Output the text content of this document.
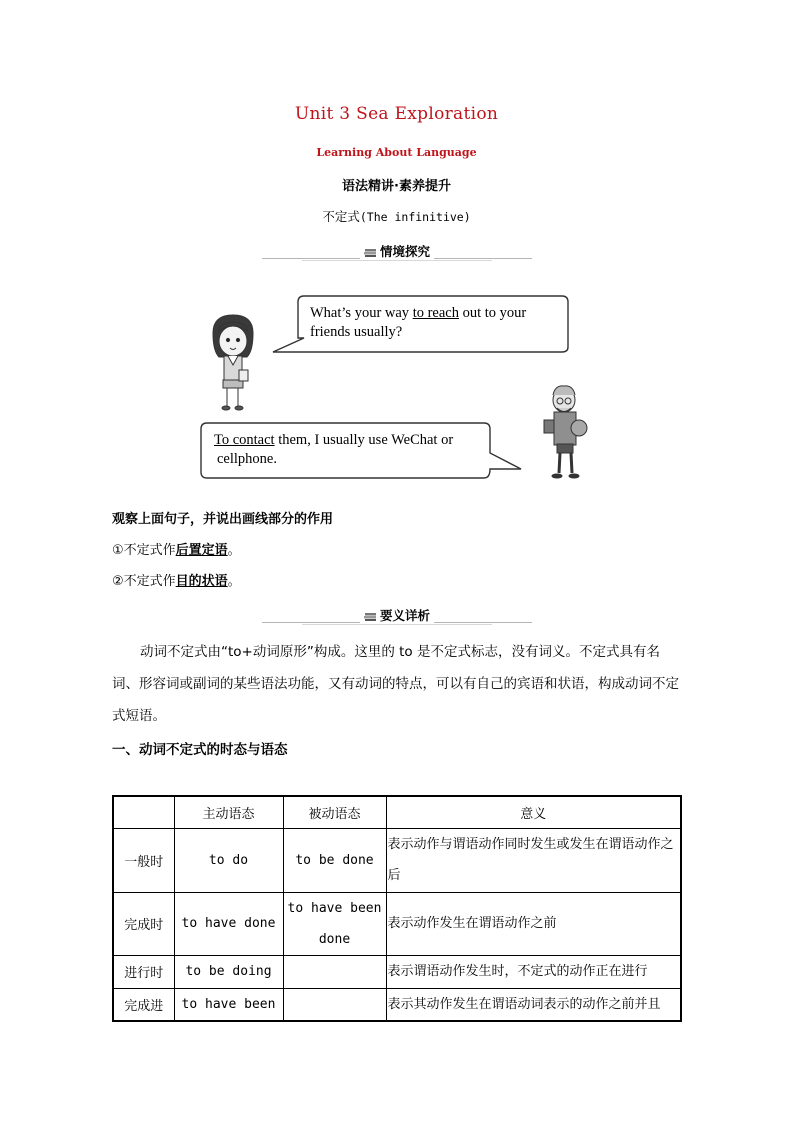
Unit 3 Sea Exploration
Learning About Language
语法精讲·素养提升
不定式(The infinitive)
情境探究
What’s your way to reach out to your
friends usually?
To contact them, I usually use WeChat or
cellphone.
观察上面句子，并说出画线部分的作用
①不定式作后置定语。
②不定式作目的状语。
要义详析
动词不定式由“to+动词原形”构成。这里的 to 是不定式标志，没有词义。不定式具有名词、形容词或副词的某些语法功能，又有动词的特点，可以有自己的宾语和状语，构成动词不定式短语。
一、动词不定式的时态与语态
	主动语态	被动语态	意义
一般时	to do	to be done	表示动作与谓语动作同时发生或发生在谓语动作之后
完成时	to have done	to have been done	表示动作发生在谓语动作之前
进行时	to be doing		表示谓语动作发生时，不定式的动作正在进行
完成进	to have been		表示其动作发生在谓语动词表示的动作之前并且
